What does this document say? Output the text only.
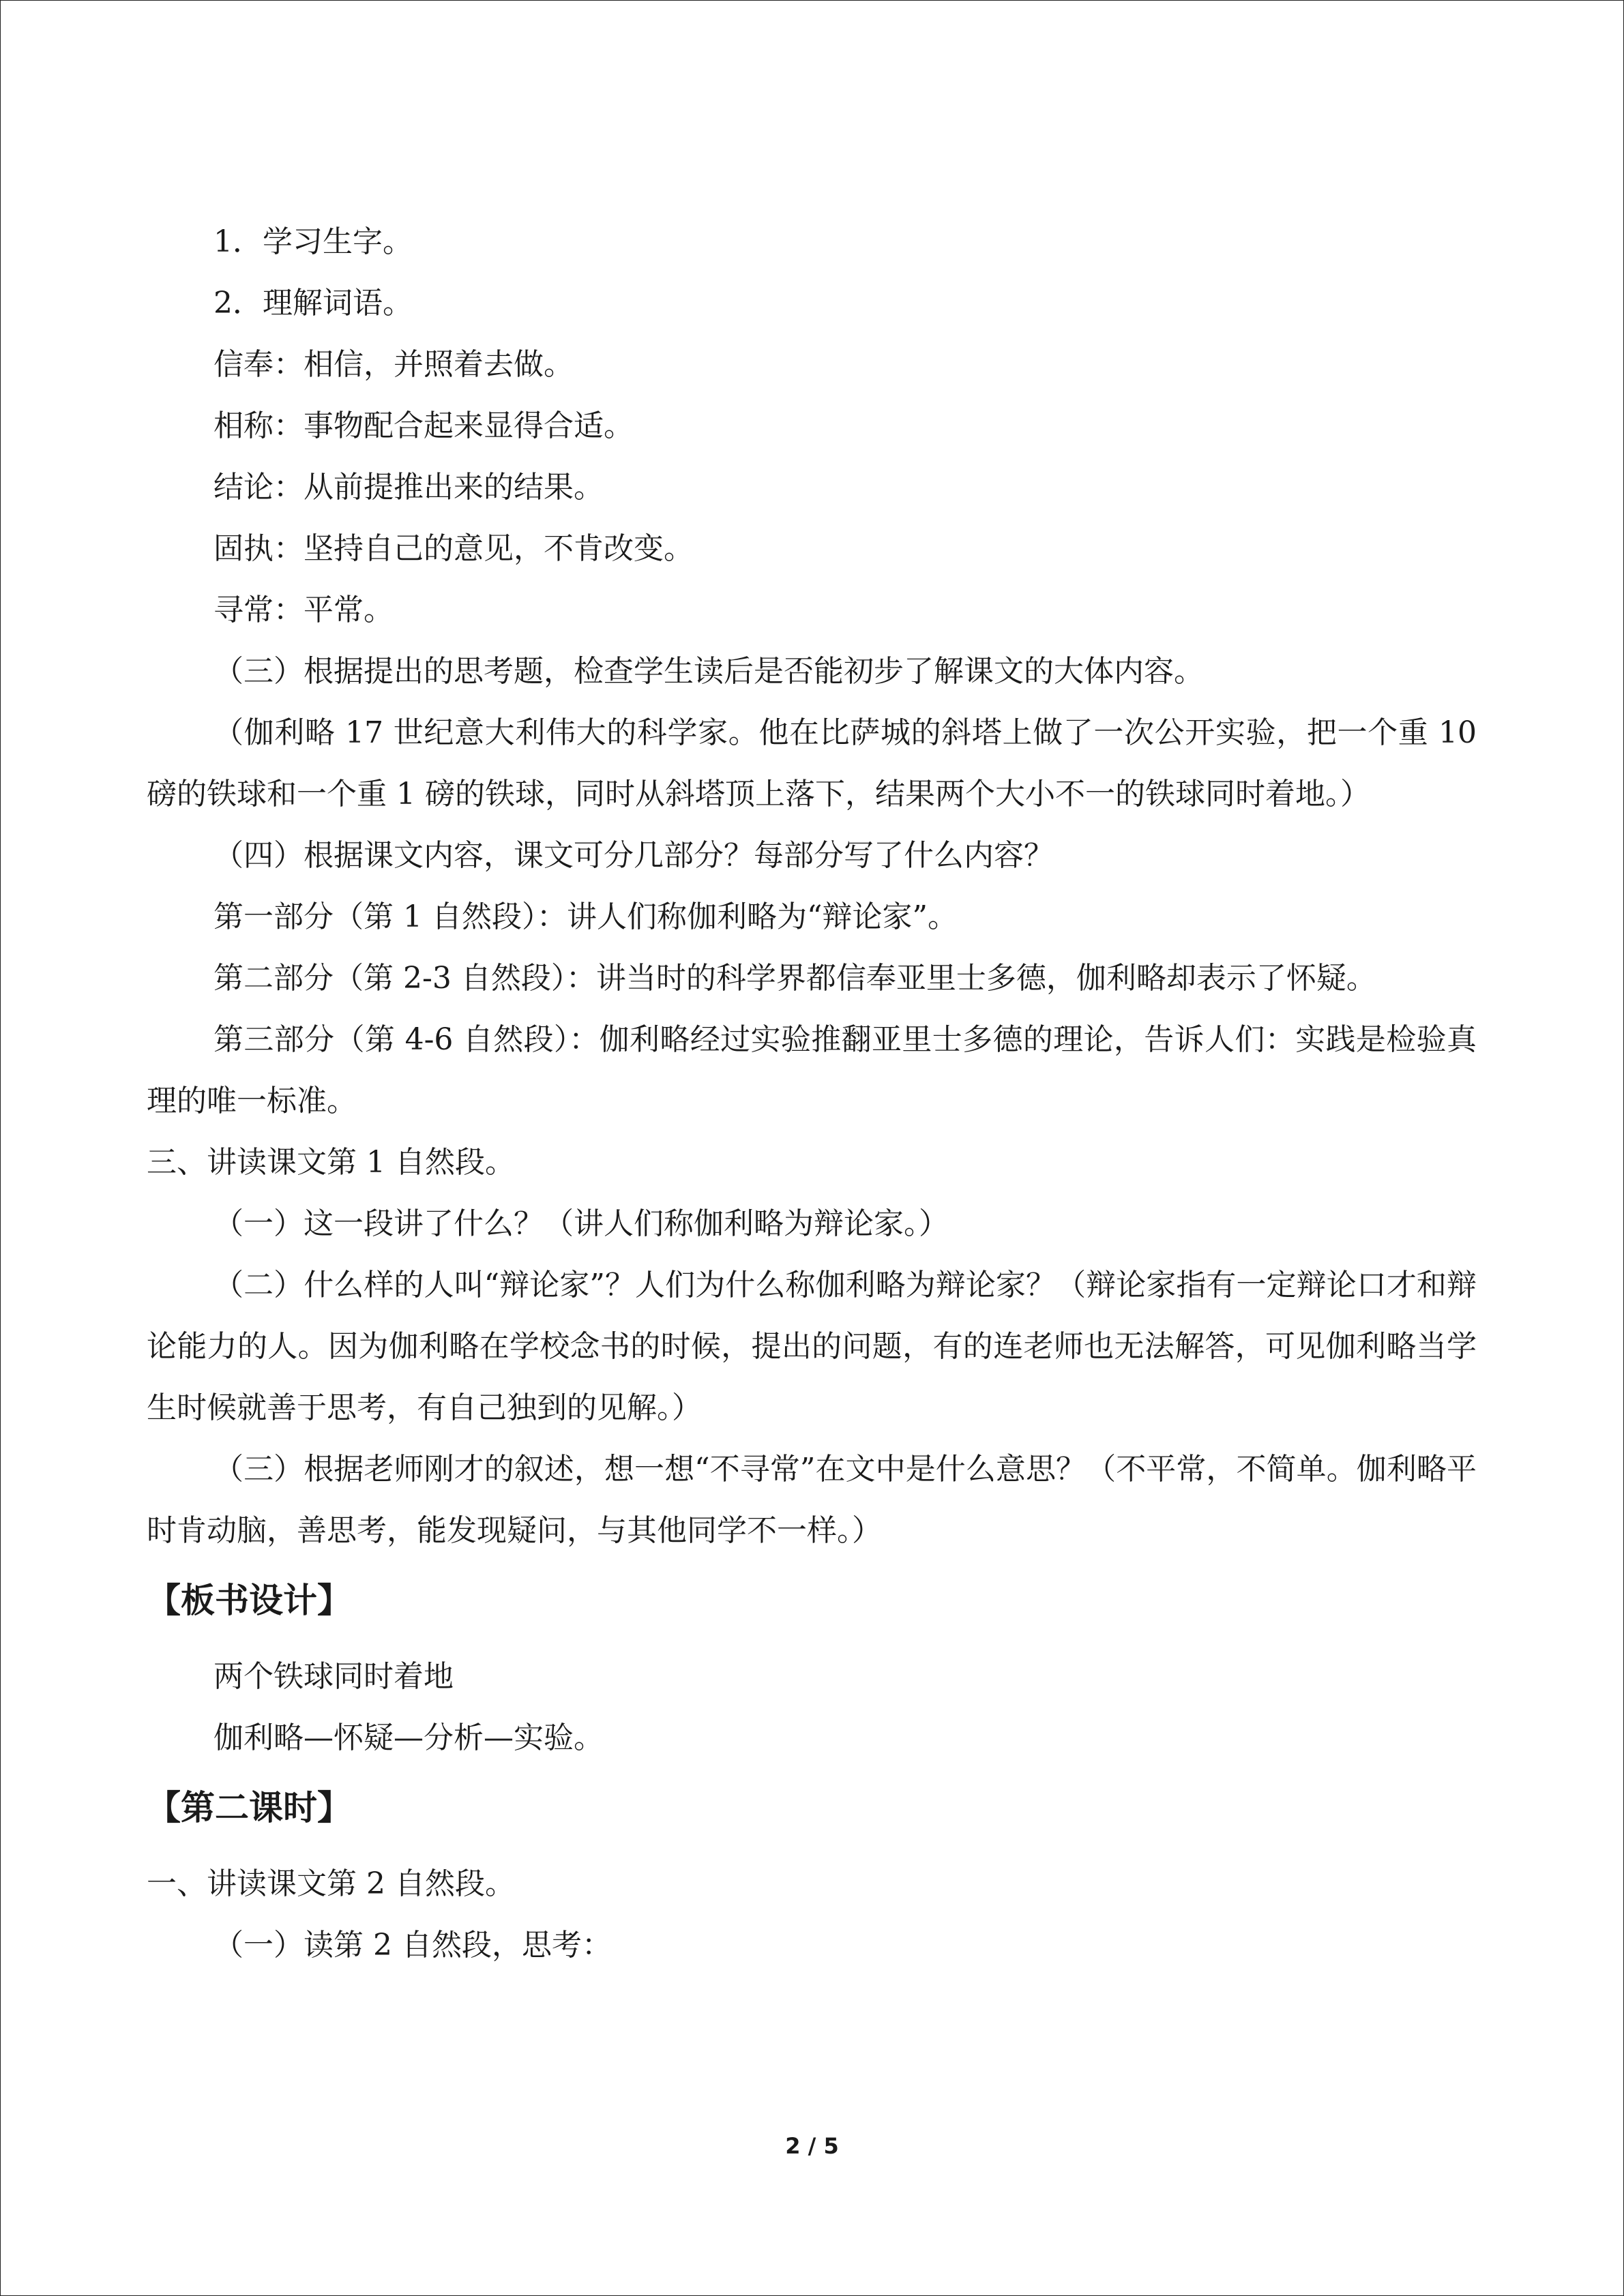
1．学习生字。

2．理解词语。

信奉：相信，并照着去做。

相称：事物配合起来显得合适。

结论：从前提推出来的结果。

固执：坚持自己的意见，不肯改变。

寻常：平常。

（三）根据提出的思考题，检查学生读后是否能初步了解课文的大体内容。

（伽利略 17 世纪意大利伟大的科学家。他在比萨城的斜塔上做了一次公开实验，把一个重 10 磅的铁球和一个重 1 磅的铁球，同时从斜塔顶上落下，结果两个大小不一的铁球同时着地。）

（四）根据课文内容，课文可分几部分？每部分写了什么内容？

第一部分（第 1 自然段）：讲人们称伽利略为“辩论家”。

第二部分（第 2-3 自然段）：讲当时的科学界都信奉亚里士多德，伽利略却表示了怀疑。

第三部分（第 4-6 自然段）：伽利略经过实验推翻亚里士多德的理论，告诉人们：实践是检验真理的唯一标准。

三、讲读课文第 1 自然段。

（一）这一段讲了什么？（讲人们称伽利略为辩论家。）

（二）什么样的人叫“辩论家”？人们为什么称伽利略为辩论家？（辩论家指有一定辩论口才和辩论能力的人。因为伽利略在学校念书的时候，提出的问题，有的连老师也无法解答，可见伽利略当学生时候就善于思考，有自己独到的见解。）

（三）根据老师刚才的叙述，想一想“不寻常”在文中是什么意思？（不平常，不简单。伽利略平时肯动脑，善思考，能发现疑问，与其他同学不一样。）

【板书设计】

两个铁球同时着地

伽利略—怀疑—分析—实验。

【第二课时】

一、讲读课文第 2 自然段。

（一）读第 2 自然段，思考：

2 / 5
